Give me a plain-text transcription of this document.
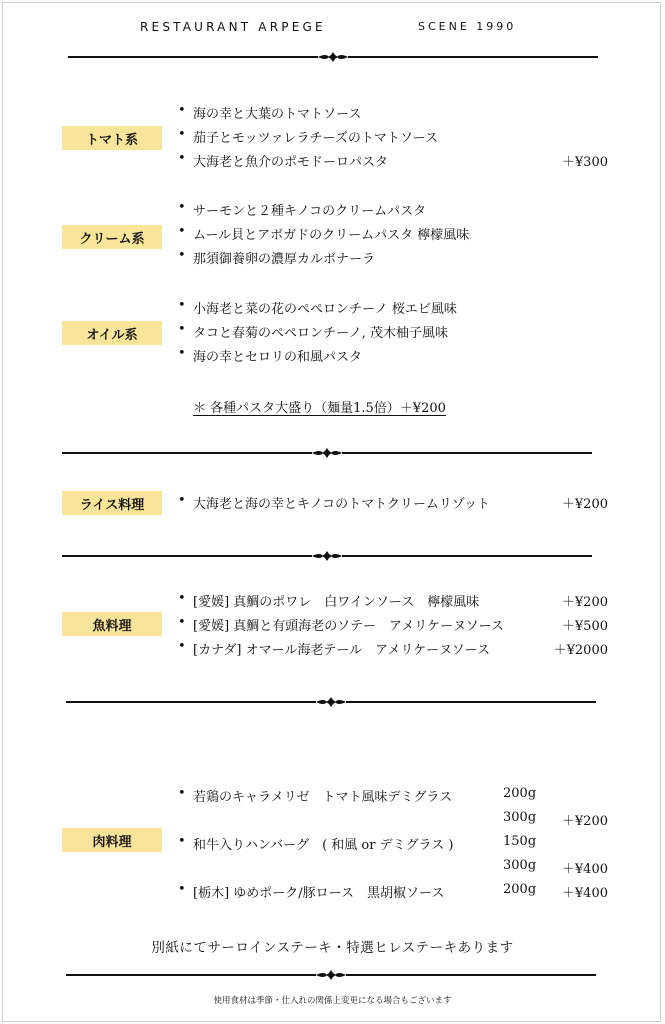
RESTAURANT ARPEGE	SCENE 1990
トマト系
• 海の幸と大葉のトマトソース
• 茄子とモッツァレラチーズのトマトソース
• 大海老と魚介のポモドーロパスタ	＋¥300
クリーム系
• サーモンと２種キノコのクリームパスタ
• ムール貝とアボガドのクリームパスタ 檸檬風味
• 那須御養卵の濃厚カルボナーラ
オイル系
• 小海老と菜の花のペペロンチーノ 桜エビ風味
• タコと春菊のペペロンチーノ, 茂木柚子風味
• 海の幸とセロリの和風パスタ
＊ 各種パスタ大盛り（麺量1.5倍）＋¥200
ライス料理	• 大海老と海の幸とキノコのトマトクリームリゾット	＋¥200
魚料理
• [愛媛] 真鯛のポワレ　白ワインソース　檸檬風味	＋¥200
• [愛媛] 真鯛と有頭海老のソテー　アメリケーヌソース	＋¥500
• [カナダ] オマール海老テール　アメリケーヌソース	＋¥2000
肉料理
• 若鶏のキャラメリゼ　トマト風味デミグラス	200g
300g ＋¥200
• 和牛入りハンバーグ　( 和風 or デミグラス )	150g
300g ＋¥400
• [栃木] ゆめポーク/豚ロース　黒胡椒ソース	200g ＋¥400
別紙にてサーロインステーキ・特選ヒレステーキあります
使用食材は季節・仕入れの関係上変更になる場合もございます
